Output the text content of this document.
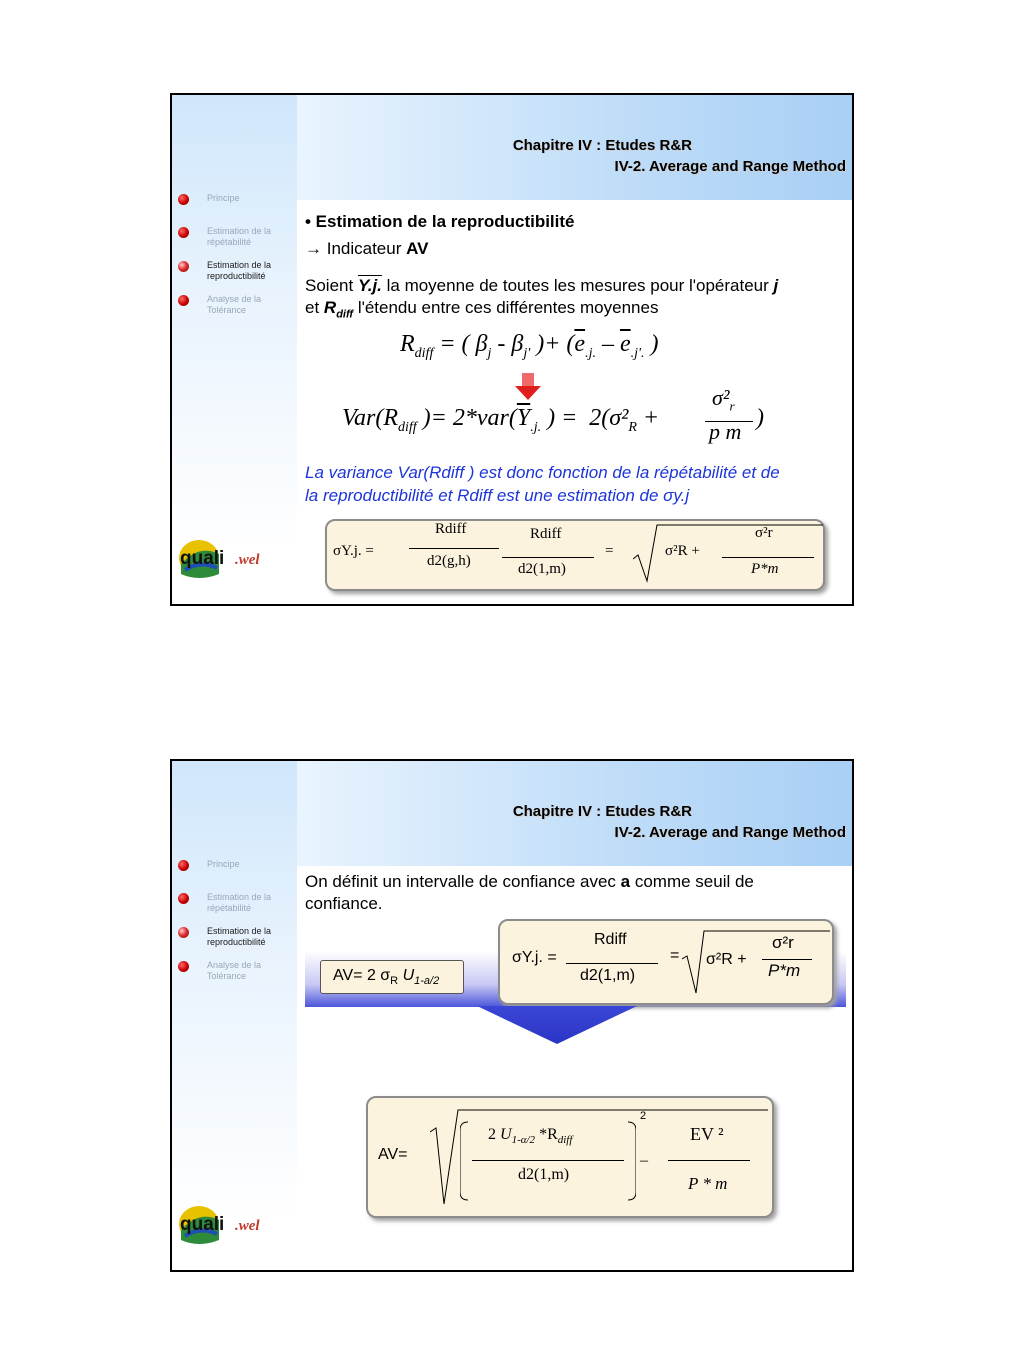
Chapitre IV : Etudes R&R
IV-2. Average and Range Method
Principe
Estimation de la répétabilité
Estimation de la reproductibilité
Analyse de la Tolérance
quali .wel
• Estimation de la reproductibilité
→ Indicateur AV
Soient Y.j. la moyenne de toutes les mesures pour l'opérateur j
et $R_{diff}$ l'étendu entre ces différentes moyennes
$R_{diff}$ = ( $\beta_j - \beta_{j'}$ )+ ($\overline{e}_{.j.} - \overline{e}_{.j'.}$ )
$Var(R_{diff}$ )= $2*var(\overline{Y}_{.j.}$ ) =  $2(\sigma^2_R$ +
$\sigma^2_r$
p m
)
La variance Var(Rdiff ) est donc fonction de la répétabilité et de
la reproductibilité et Rdiff est une estimation de σy.j
σY.j. =
Rdiff
d2(g,h)
Rdiff
d2(1,m)
=	σ²R +
σ²r
P*m
Chapitre IV : Etudes R&R
IV-2. Average and Range Method
Principe
Estimation de la répétabilité
Estimation de la reproductibilité
Analyse de la Tolérance
quali .wel
On définit un intervalle de confiance avec a comme seuil de
confiance.
AV= 2 $\sigma_R$ $U_{1-a/2}$
σY.j. =
Rdiff
d2(1,m)
= σ²R +
σ²r
P*m
AV=
2
2 $U_{1-\alpha/2}$ $*R_{diff}$
d2(1,m)
–
EV ²
P * m
